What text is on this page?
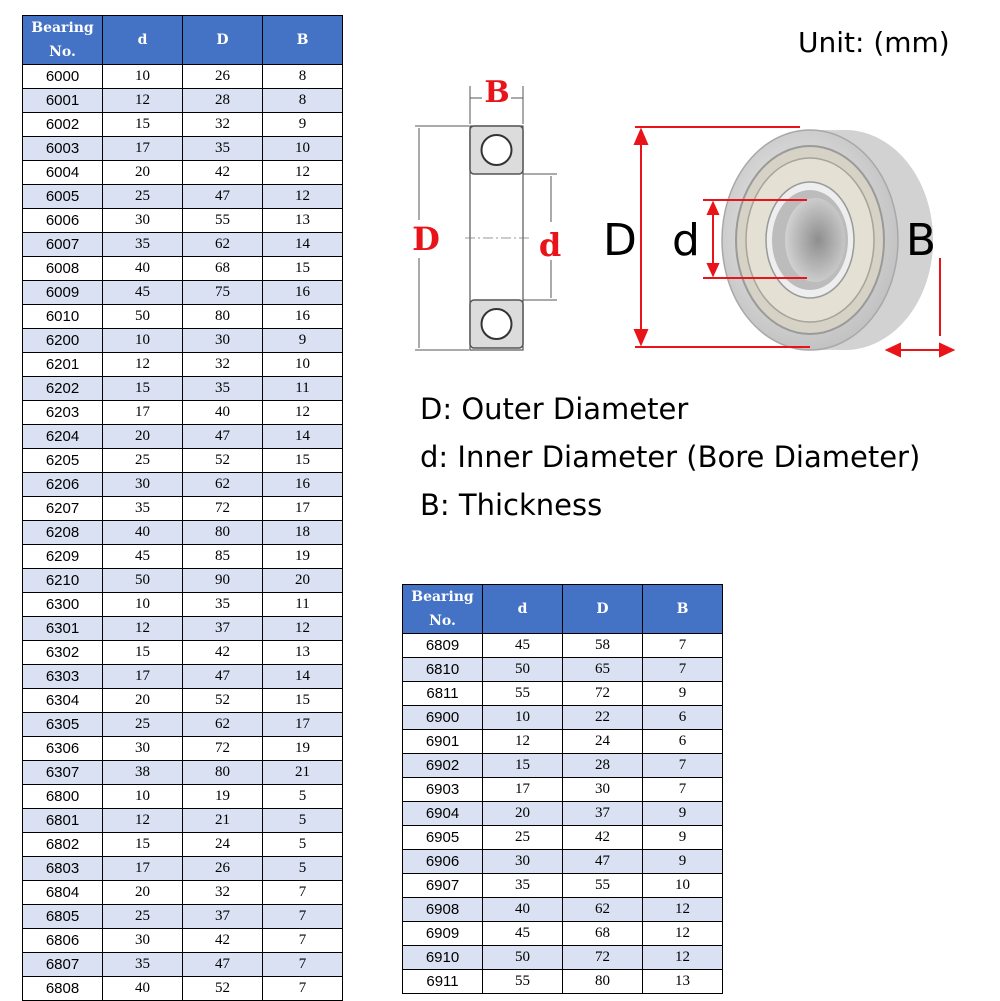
Bearing No.	d	D	B
6000	10	26	8
6001	12	28	8
6002	15	32	9
6003	17	35	10
6004	20	42	12
6005	25	47	12
6006	30	55	13
6007	35	62	14
6008	40	68	15
6009	45	75	16
6010	50	80	16
6200	10	30	9
6201	12	32	10
6202	15	35	11
6203	17	40	12
6204	20	47	14
6205	25	52	15
6206	30	62	16
6207	35	72	17
6208	40	80	18
6209	45	85	19
6210	50	90	20
6300	10	35	11
6301	12	37	12
6302	15	42	13
6303	17	47	14
6304	20	52	15
6305	25	62	17
6306	30	72	19
6307	38	80	21
6800	10	19	5
6801	12	21	5
6802	15	24	5
6803	17	26	5
6804	20	32	7
6805	25	37	7
6806	30	42	7
6807	35	47	7
6808	40	52	7
Bearing No.	d	D	B
6809	45	58	7
6810	50	65	7
6811	55	72	9
6900	10	22	6
6901	12	24	6
6902	15	28	7
6903	17	30	7
6904	20	37	9
6905	25	42	9
6906	30	47	9
6907	35	55	10
6908	40	62	12
6909	45	68	12
6910	50	72	12
6911	55	80	13
Unit: (mm)
B
D	d D d	B
D: Outer Diameter
d: Inner Diameter (Bore Diameter)
B: Thickness
